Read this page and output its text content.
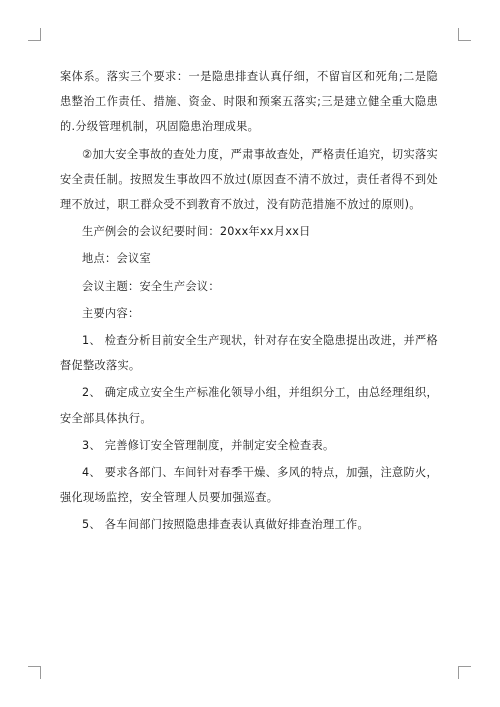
案体系。落实三个要求：一是隐患排查认真仔细，不留盲区和死角;二是隐患整治工作责任、措施、资金、时限和预案五落实;三是建立健全重大隐患的.分级管理机制，巩固隐患治理成果。

②加大安全事故的查处力度，严肃事故查处，严格责任追究，切实落实安全责任制。按照发生事故四不放过(原因查不清不放过，责任者得不到处理不放过，职工群众受不到教育不放过，没有防范措施不放过的原则)。

生产例会的会议纪要时间：20xx年xx月xx日

地点：会议室

会议主题：安全生产会议：

主要内容：

1、 检查分析目前安全生产现状，针对存在安全隐患提出改进，并严格督促整改落实。

2、 确定成立安全生产标准化领导小组，并组织分工，由总经理组织，安全部具体执行。

3、 完善修订安全管理制度，并制定安全检查表。

4、 要求各部门、车间针对春季干燥、多风的特点，加强，注意防火，强化现场监控，安全管理人员要加强巡查。

5、 各车间部门按照隐患排查表认真做好排查治理工作。
